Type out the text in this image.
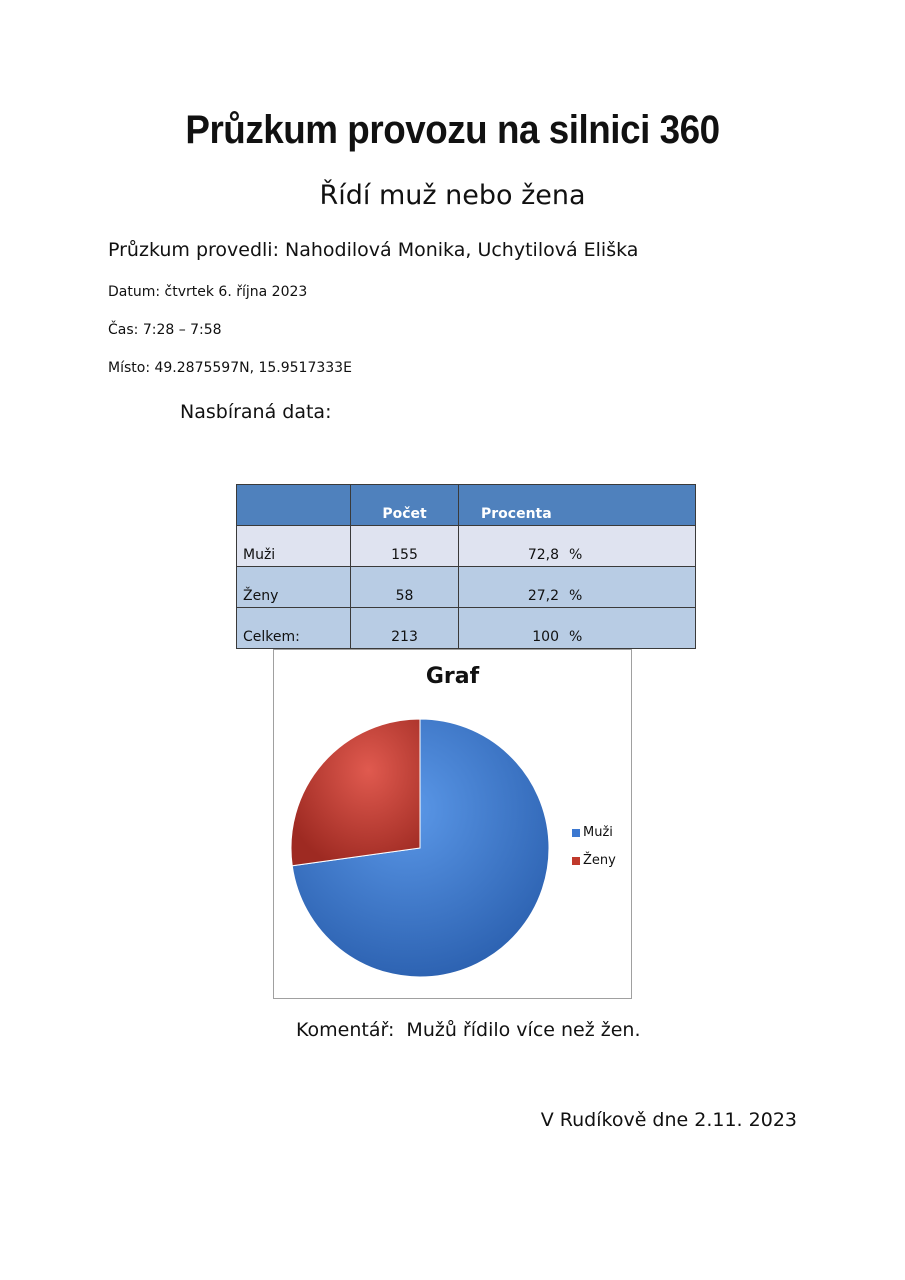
Průzkum provozu na silnici 360
Řídí muž nebo žena
Průzkum provedli: Nahodilová Monika, Uchytilová Eliška
Datum: čtvrtek 6. října 2023
Čas: 7:28 – 7:58
Místo: 49.2875597N, 15.9517333E
Nasbíraná data:
	Počet	Procenta
Muži	155	72,8 %
Ženy	58	27,2 %
Celkem:	213	100 %
Graf
Muži
Ženy
Komentář:  Mužů řídilo více než žen.
V Rudíkově dne 2.11. 2023
